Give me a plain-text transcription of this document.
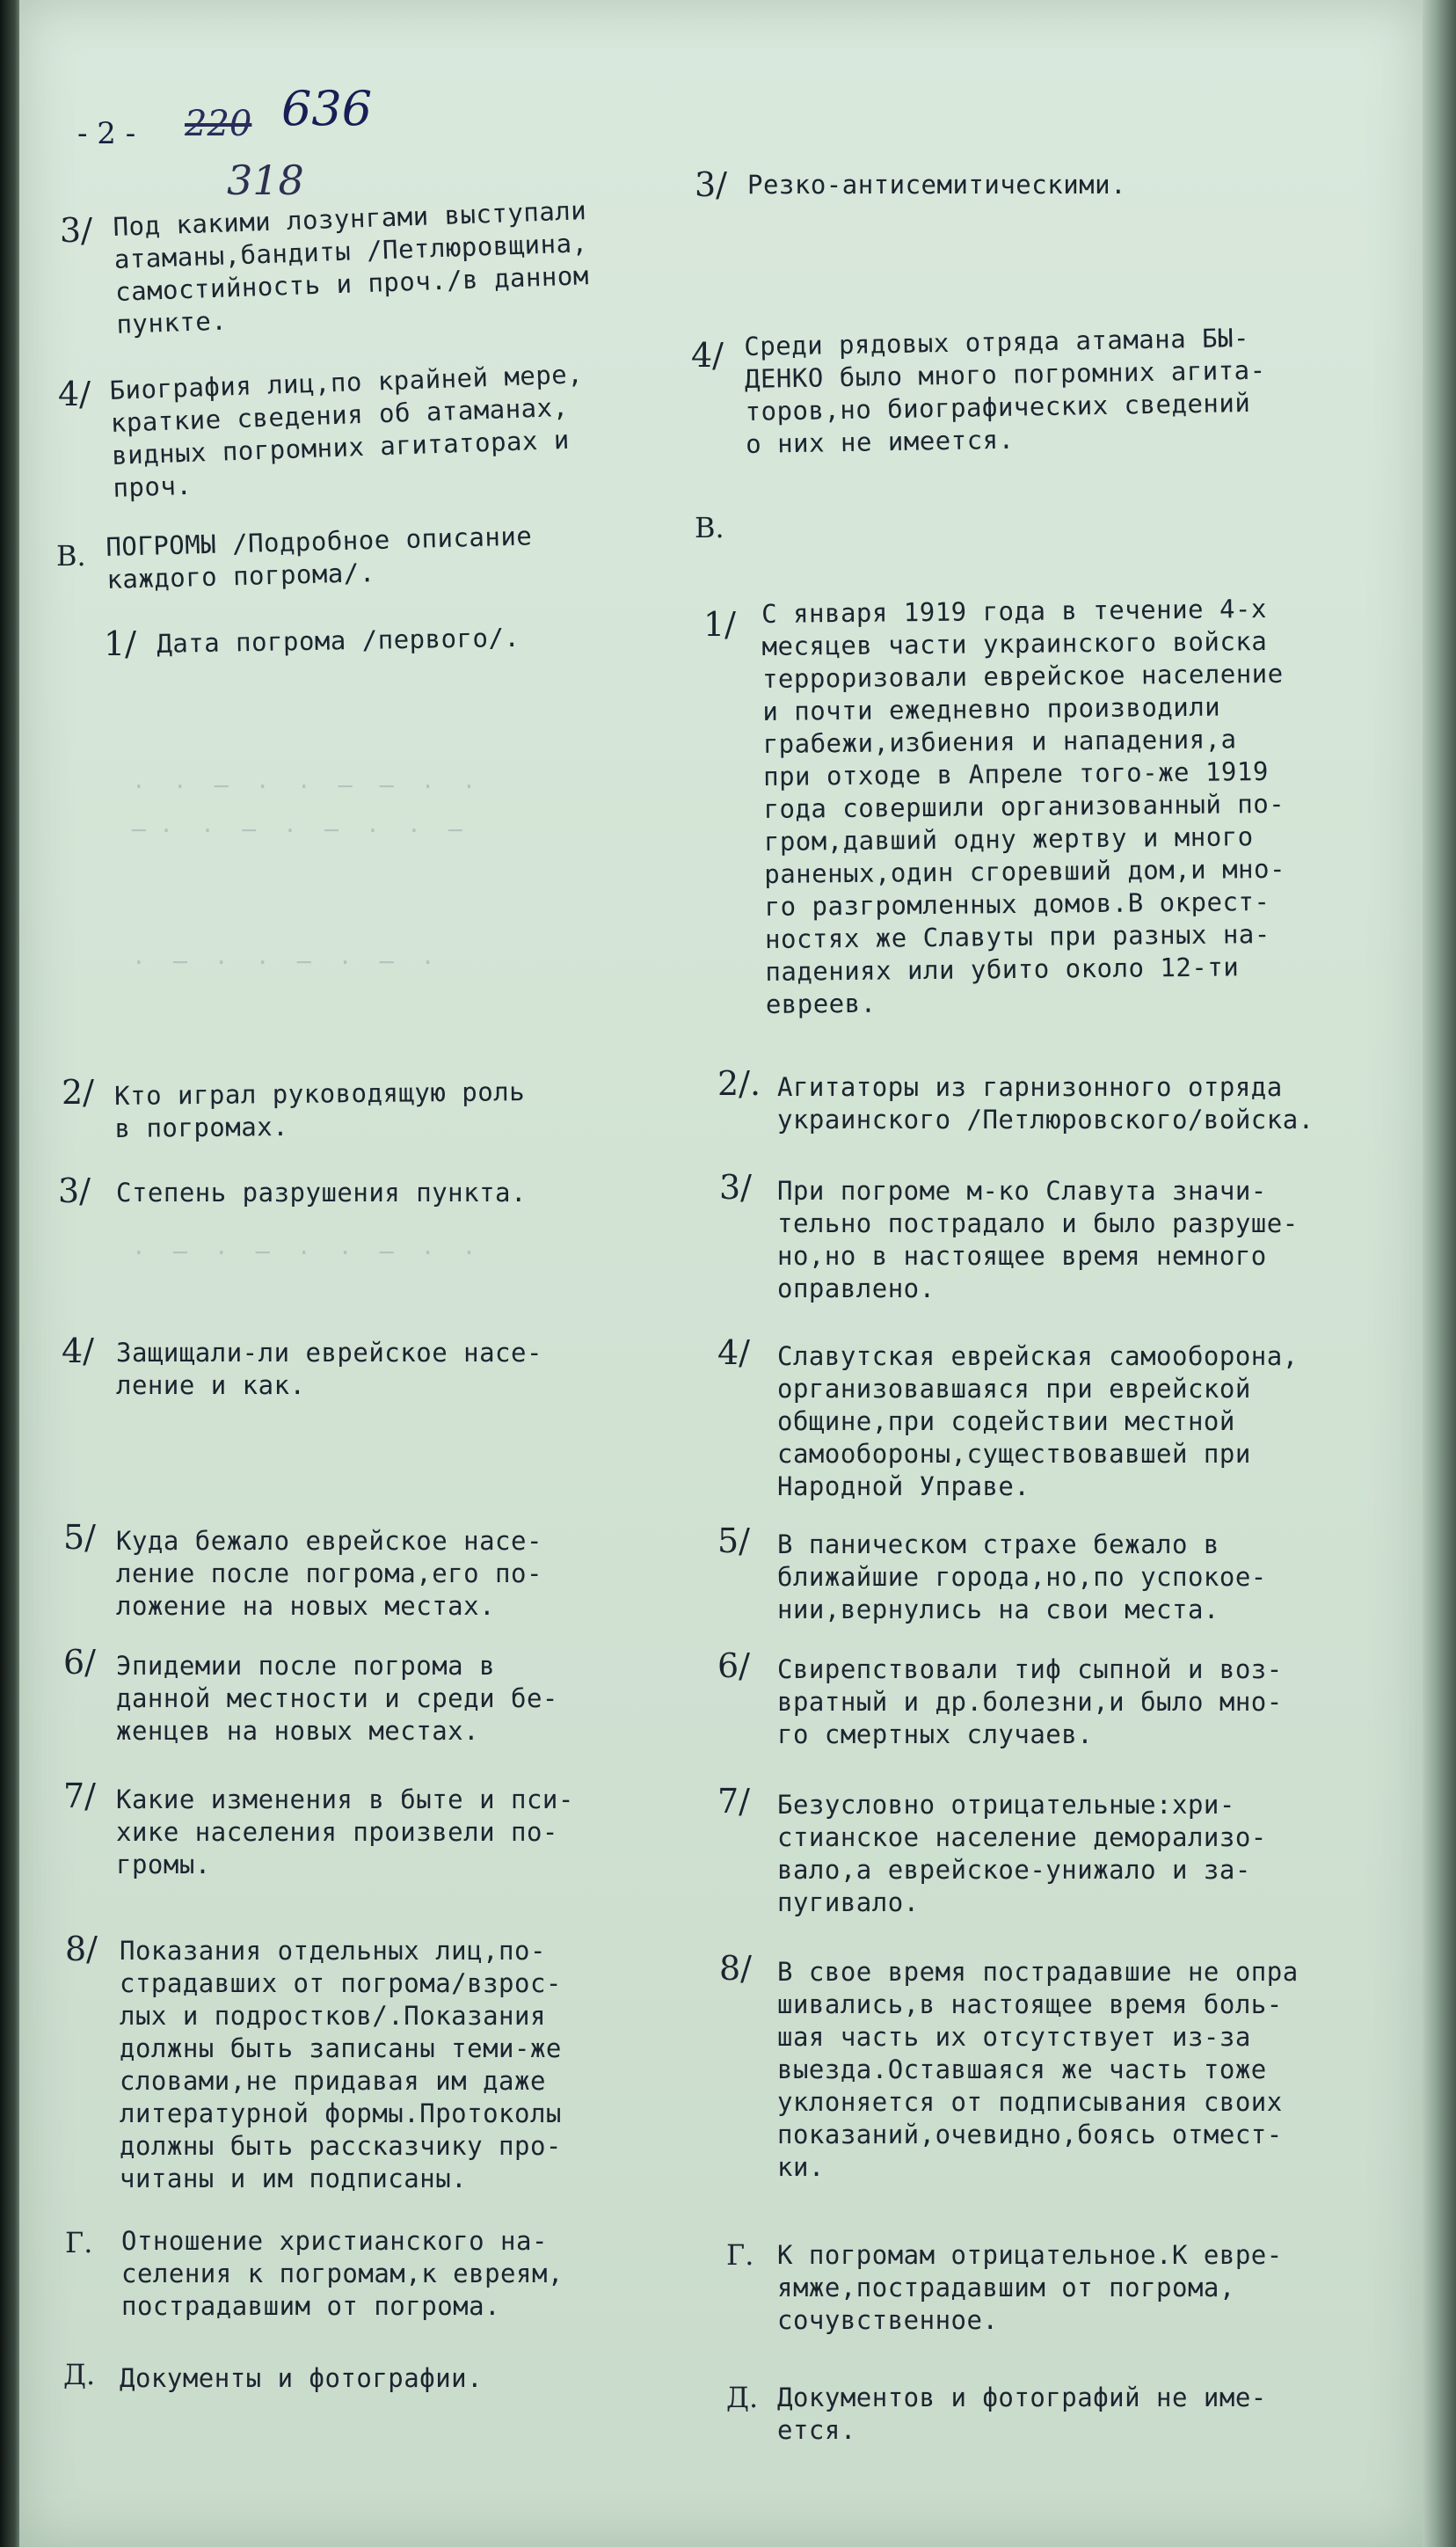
·  ·  ─  ·  ·  ─  ─  ·  ·
─ ·  ·  ─  ·  ─  ·  ·  ─
·  ─  ·  ·  ─  ·  ─  ·
·  ─  ·  ─  ·  ·  ─  ·  ·
- 2 - 220 636
318
3/ Под какими лозунгами выступали
атаманы,бандиты /Петлюровщина,
самостийность и проч./в данном
пункте.
4/ Биография лиц,по крайней мере,
краткие сведения об атаманах,
видных погромних агитаторах и
проч.
В. ПОГРОМЫ /Подробное описание
каждого погрома/.
1/ Дата погрома /первого/.
2/ Кто играл руководящую роль
в погромах.
3/ Степень разрушения пункта.
4/ Защищали-ли еврейское насе-
ление и как.
5/ Куда бежало еврейское насе-
ление после погрома,его по-
ложение на новых местах.
6/ Эпидемии после погрома в
данной местности и среди бе-
женцев на новых местах.
7/ Какие изменения в быте и пси-
хике населения произвели по-
громы.
8/ Показания отдельных лиц,по-
страдавших от погрома/взрос-
лых и подростков/.Показания
должны быть записаны теми-же
словами,не придавая им даже
литературной формы.Протоколы
должны быть рассказчику про-
читаны и им подписаны.
Г. Отношение христианского на-
селения к погромам,к евреям,
пострадавшим от погрома.
Д. Документы и фотографии.
3/ Резко-антисемитическими.
4/ Среди рядовых отряда атамана БЫ-
ДЕНКО было много погромних агита-
торов,но биографических сведений
о них не имеется.
В.
1/ С января 1919 года в течение 4-х
месяцев части украинского войска
терроризовали еврейское население
и почти ежедневно производили
грабежи,избиения и нападения,а
при отходе в Апреле того-же 1919
года совершили организованный по-
гром,давший одну жертву и много
раненых,один сгоревший дом,и мно-
го разгромленных домов.В окрест-
ностях же Славуты при разных на-
падениях или убито около 12-ти
евреев.
2/. Агитаторы из гарнизонного отряда
украинского /Петлюровского/войска.
3/ При погроме м-ко Славута значи-
тельно пострадало и было разруше-
но,но в настоящее время немного
оправлено.
4/ Славутская еврейская самооборона,
организовавшаяся при еврейской
общине,при содействии местной
самообороны,существовавшей при
Народной Управе.
5/ В паническом страхе бежало в
ближайшие города,но,по успокое-
нии,вернулись на свои места.
6/ Свирепствовали тиф сыпной и воз-
вратный и др.болезни,и было мно-
го смертных случаев.
7/ Безусловно отрицательные:хри-
стианское население деморализо-
вало,а еврейское-унижало и за-
пугивало.
8/ В свое время пострадавшие не опра
шивались,в настоящее время боль-
шая часть их отсутствует из-за
выезда.Оставшаяся же часть тоже
уклоняется от подписывания своих
показаний,очевидно,боясь отмест-
ки.
Г. К погромам отрицательное.К евре-
ямже,пострадавшим от погрома,
сочувственное.
Д. Документов и фотографий не име-
ется.
